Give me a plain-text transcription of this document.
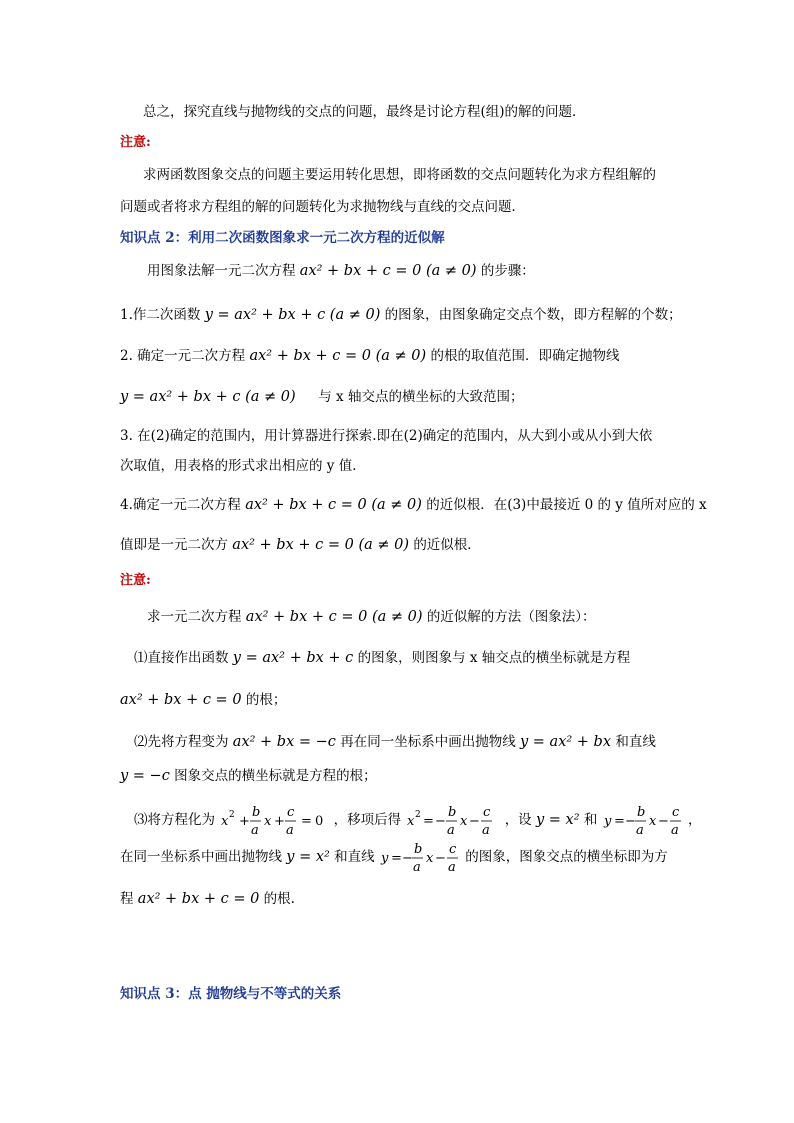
总之，探究直线与抛物线的交点的问题，最终是讨论方程(组)的解的问题．
注意:
求两函数图象交点的问题主要运用转化思想，即将函数的交点问题转化为求方程组解的
问题或者将求方程组的解的问题转化为求抛物线与直线的交点问题．
知识点 2：利用二次函数图象求一元二次方程的近似解
用图象法解一元二次方程 ax² + bx + c = 0 (a ≠ 0) 的步骤：
1.作二次函数 y = ax² + bx + c (a ≠ 0) 的图象，由图象确定交点个数，即方程解的个数；
2. 确定一元二次方程 ax² + bx + c = 0 (a ≠ 0) 的根的取值范围．即确定抛物线
y = ax² + bx + c (a ≠ 0) 与 x 轴交点的横坐标的大致范围；
3. 在(2)确定的范围内，用计算器进行探索.即在(2)确定的范围内，从大到小或从小到大依
次取值，用表格的形式求出相应的 y 值．
4.确定一元二次方程 ax² + bx + c = 0 (a ≠ 0) 的近似根．在(3)中最接近 0 的 y 值所对应的 x
值即是一元二次方 ax² + bx + c = 0 (a ≠ 0) 的近似根．
注意:
求一元二次方程 ax² + bx + c = 0 (a ≠ 0) 的近似解的方法（图象法）：
⑴直接作出函数 y = ax² + bx + c 的图象，则图象与 x 轴交点的横坐标就是方程
ax² + bx + c = 0 的根；
⑵先将方程变为 ax² + bx = −c 再在同一坐标系中画出抛物线 y = ax² + bx 和直线
y = −c 图象交点的横坐标就是方程的根；
⑶将方程化为 x 2 +
b
a
x +
c
a
= 0 ，移项后得 x 2 = −
b
a
x −
c
a
，设 y = x² 和 y = −
b
a
x −
c
a
，
在同一坐标系中画出抛物线 y = x² 和直线 y = −
b
a
x −
c
a
的图象，图象交点的横坐标即为方
程 ax² + bx + c = 0 的根.
知识点 3：点 抛物线与不等式的关系
